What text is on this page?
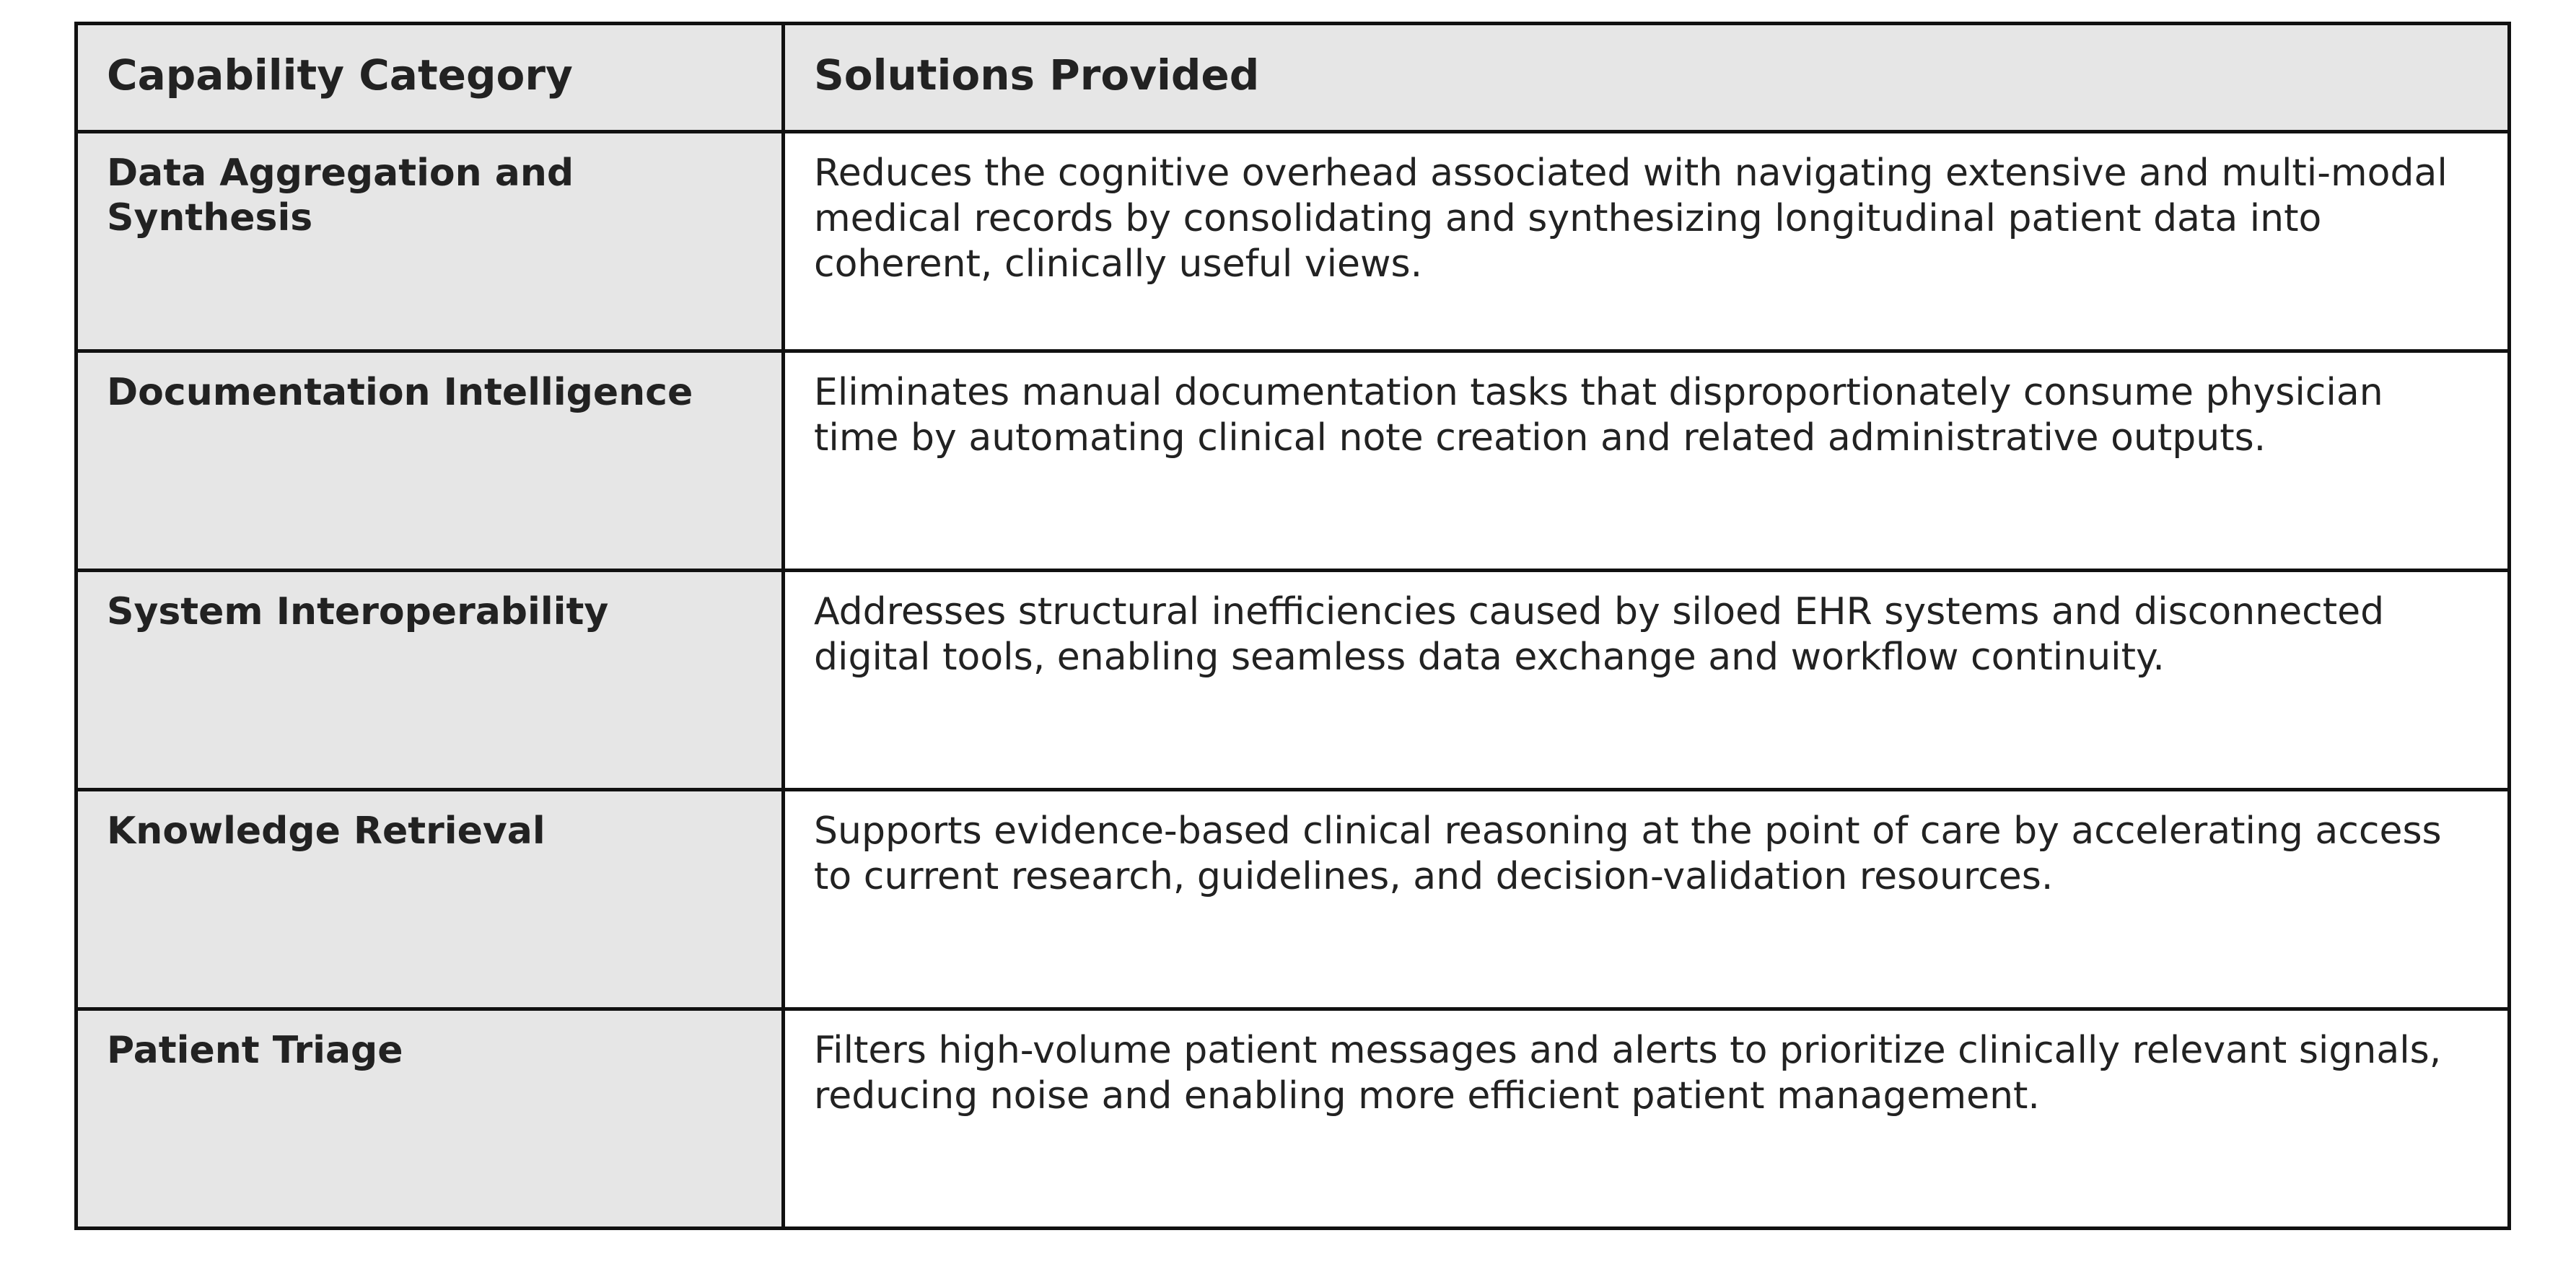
Capability Category	Solutions Provided
Data Aggregation and Synthesis	Reduces the cognitive overhead associated with navigating extensive and multi-modal medical records by consolidating and synthesizing longitudinal patient data into coherent, clinically useful views.
Documentation Intelligence	Eliminates manual documentation tasks that disproportionately consume physician time by automating clinical note creation and related administrative outputs.
System Interoperability	Addresses structural inefficiencies caused by siloed EHR systems and disconnected digital tools, enabling seamless data exchange and workflow continuity.
Knowledge Retrieval	Supports evidence-based clinical reasoning at the point of care by accelerating access to current research, guidelines, and decision-validation resources.
Patient Triage	Filters high-volume patient messages and alerts to prioritize clinically relevant signals, reducing noise and enabling more efficient patient management.
